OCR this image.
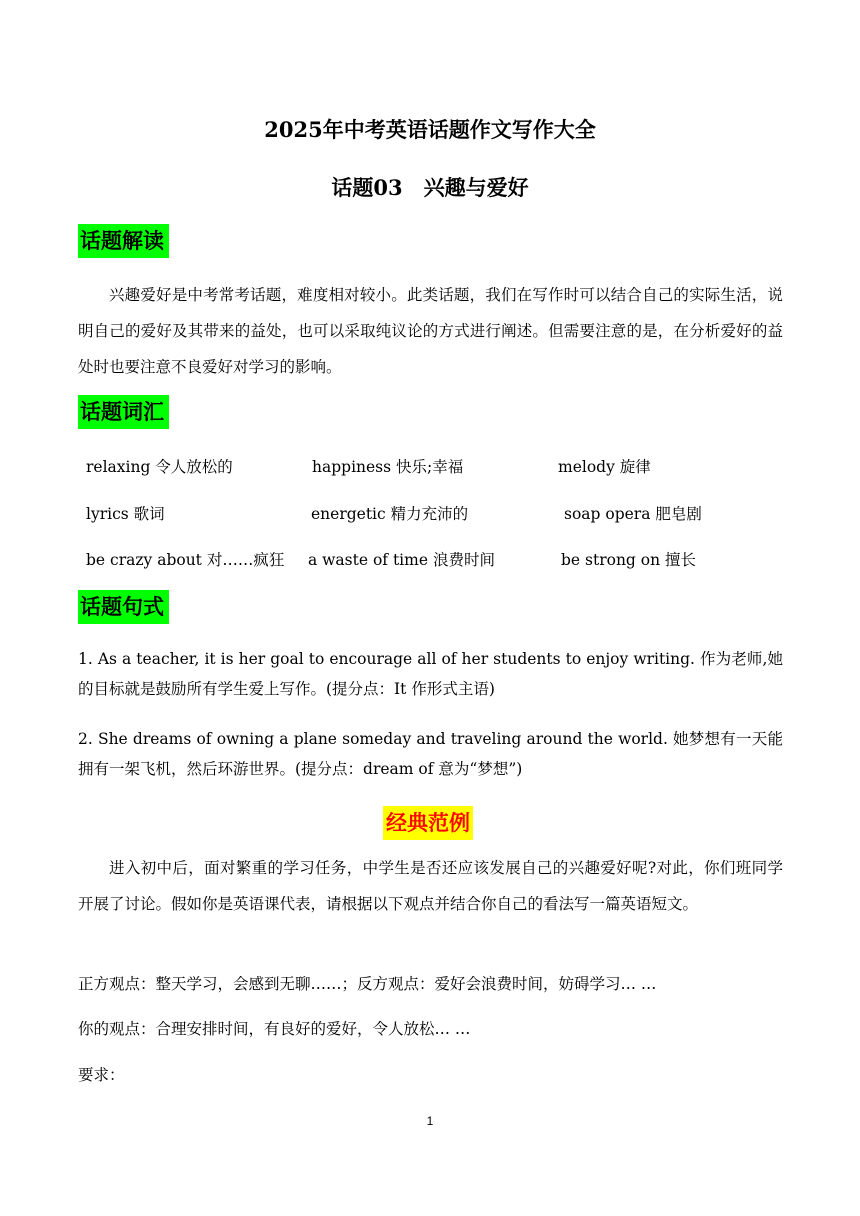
2025年中考英语话题作文写作大全
话题03　兴趣与爱好
话题解读

兴趣爱好是中考常考话题，难度相对较小。此类话题，我们在写作时可以结合自己的实际生活，说明自己的爱好及其带来的益处，也可以采取纯议论的方式进行阐述。但需要注意的是，在分析爱好的益处时也要注意不良爱好对学习的影响。

话题词汇
relaxing 令人放松的	happiness 快乐;幸福	melody 旋律
lyrics 歌词	energetic 精力充沛的	soap opera 肥皂剧
be crazy about 对……疯狂 a waste of time 浪费时间	be strong on 擅长
话题句式

1. As a teacher, it is her goal to encourage all of her students to enjoy writing. 作为老师,她的目标就是鼓励所有学生爱上写作。(提分点：It 作形式主语)

2. She dreams of owning a plane someday and traveling around the world. 她梦想有一天能拥有一架飞机，然后环游世界。(提分点：dream of 意为“梦想”)

经典范例

进入初中后，面对繁重的学习任务，中学生是否还应该发展自己的兴趣爱好呢?对此，你们班同学开展了讨论。假如你是英语课代表，请根据以下观点并结合你自己的看法写一篇英语短文。

正方观点：整天学习，会感到无聊……；反方观点：爱好会浪费时间，妨碍学习… …

你的观点：合理安排时间，有良好的爱好，令人放松… …

要求：

1
